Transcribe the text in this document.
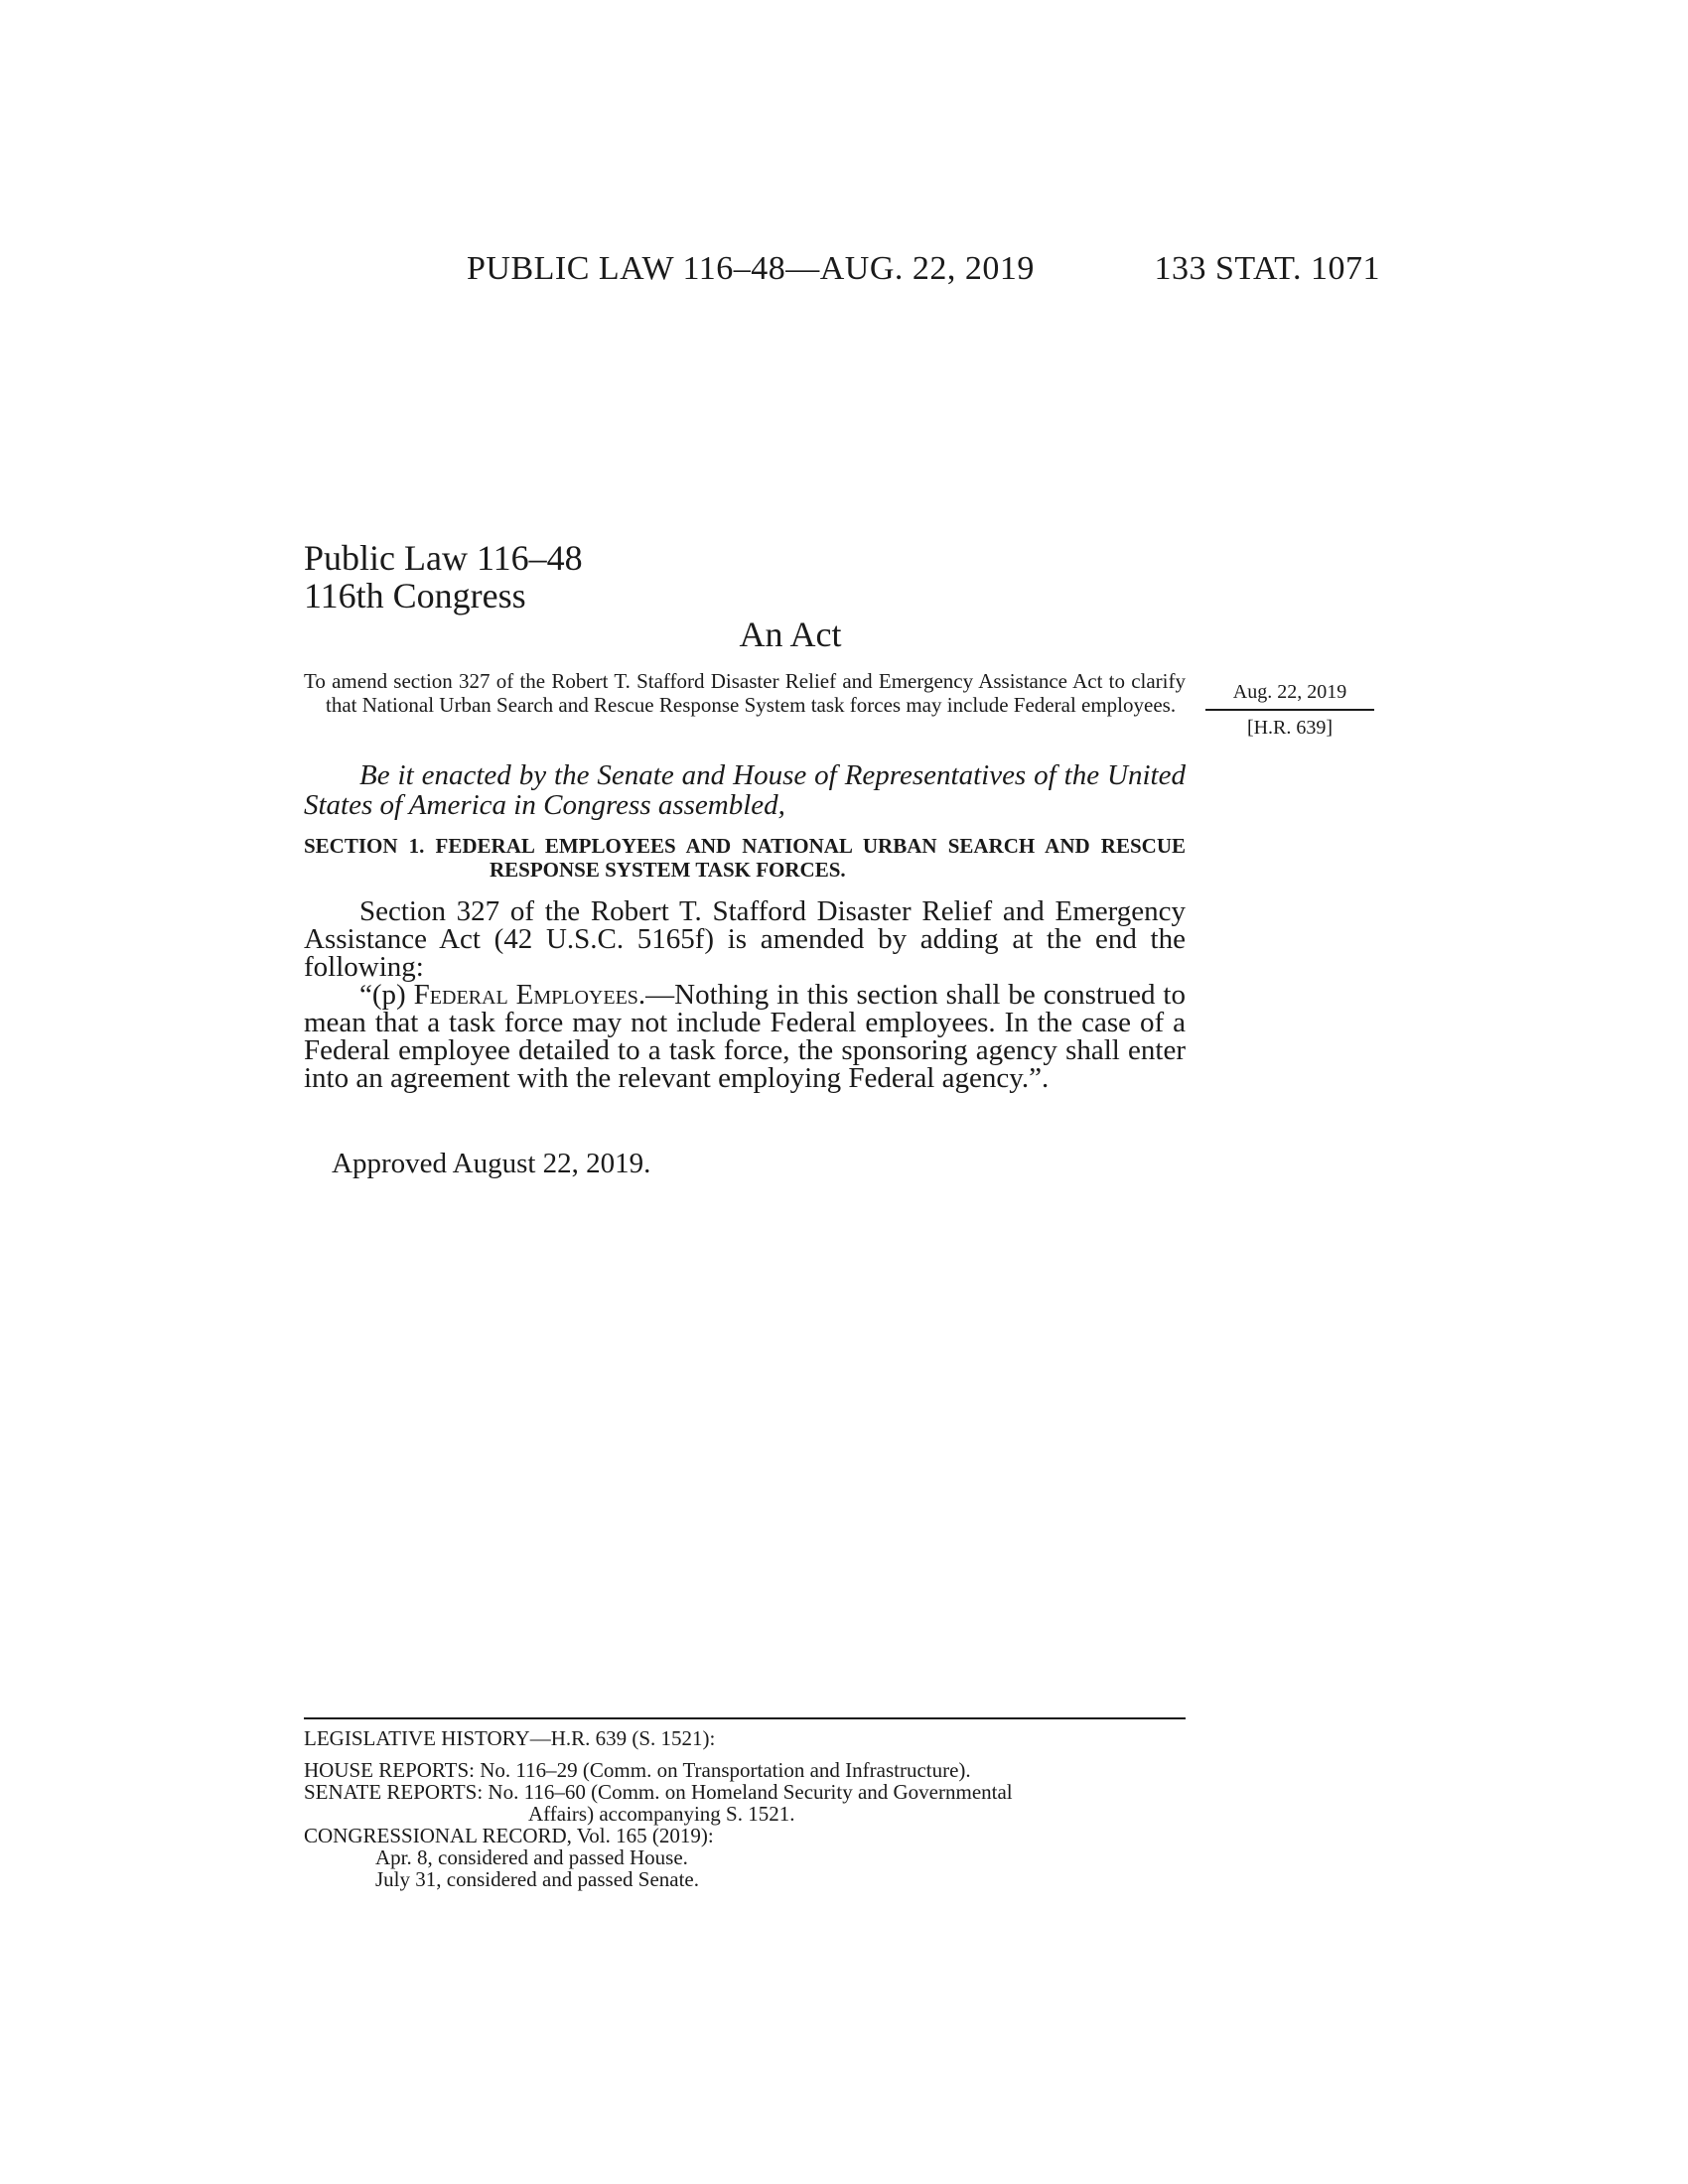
PUBLIC LAW 116–48—AUG. 22, 2019	133 STAT. 1071
Public Law 116–48
116th Congress
An Act

To amend section 327 of the Robert T. Stafford Disaster Relief and Emergency Assistance Act to clarify that National Urban Search and Rescue Response System task forces may include Federal employees.

Aug. 22, 2019
[H.R. 639]
Be it enacted by the Senate and House of Representatives of the United States of America in Congress assembled,

SECTION 1. FEDERAL EMPLOYEES AND NATIONAL URBAN SEARCH AND RESCUE RESPONSE SYSTEM TASK FORCES.

Section 327 of the Robert T. Stafford Disaster Relief and Emergency Assistance Act (42 U.S.C. 5165f) is amended by adding at the end the following:

“(p) Federal Employees.—Nothing in this section shall be construed to mean that a task force may not include Federal employees. In the case of a Federal employee detailed to a task force, the sponsoring agency shall enter into an agreement with the relevant employing Federal agency.”.

Approved August 22, 2019.

LEGISLATIVE HISTORY—H.R. 639 (S. 1521):

HOUSE REPORTS: No. 116–29 (Comm. on Transportation and Infrastructure).

SENATE REPORTS: No. 116–60 (Comm. on Homeland Security and Governmental

Affairs) accompanying S. 1521.

CONGRESSIONAL RECORD, Vol. 165 (2019):

Apr. 8, considered and passed House.

July 31, considered and passed Senate.
